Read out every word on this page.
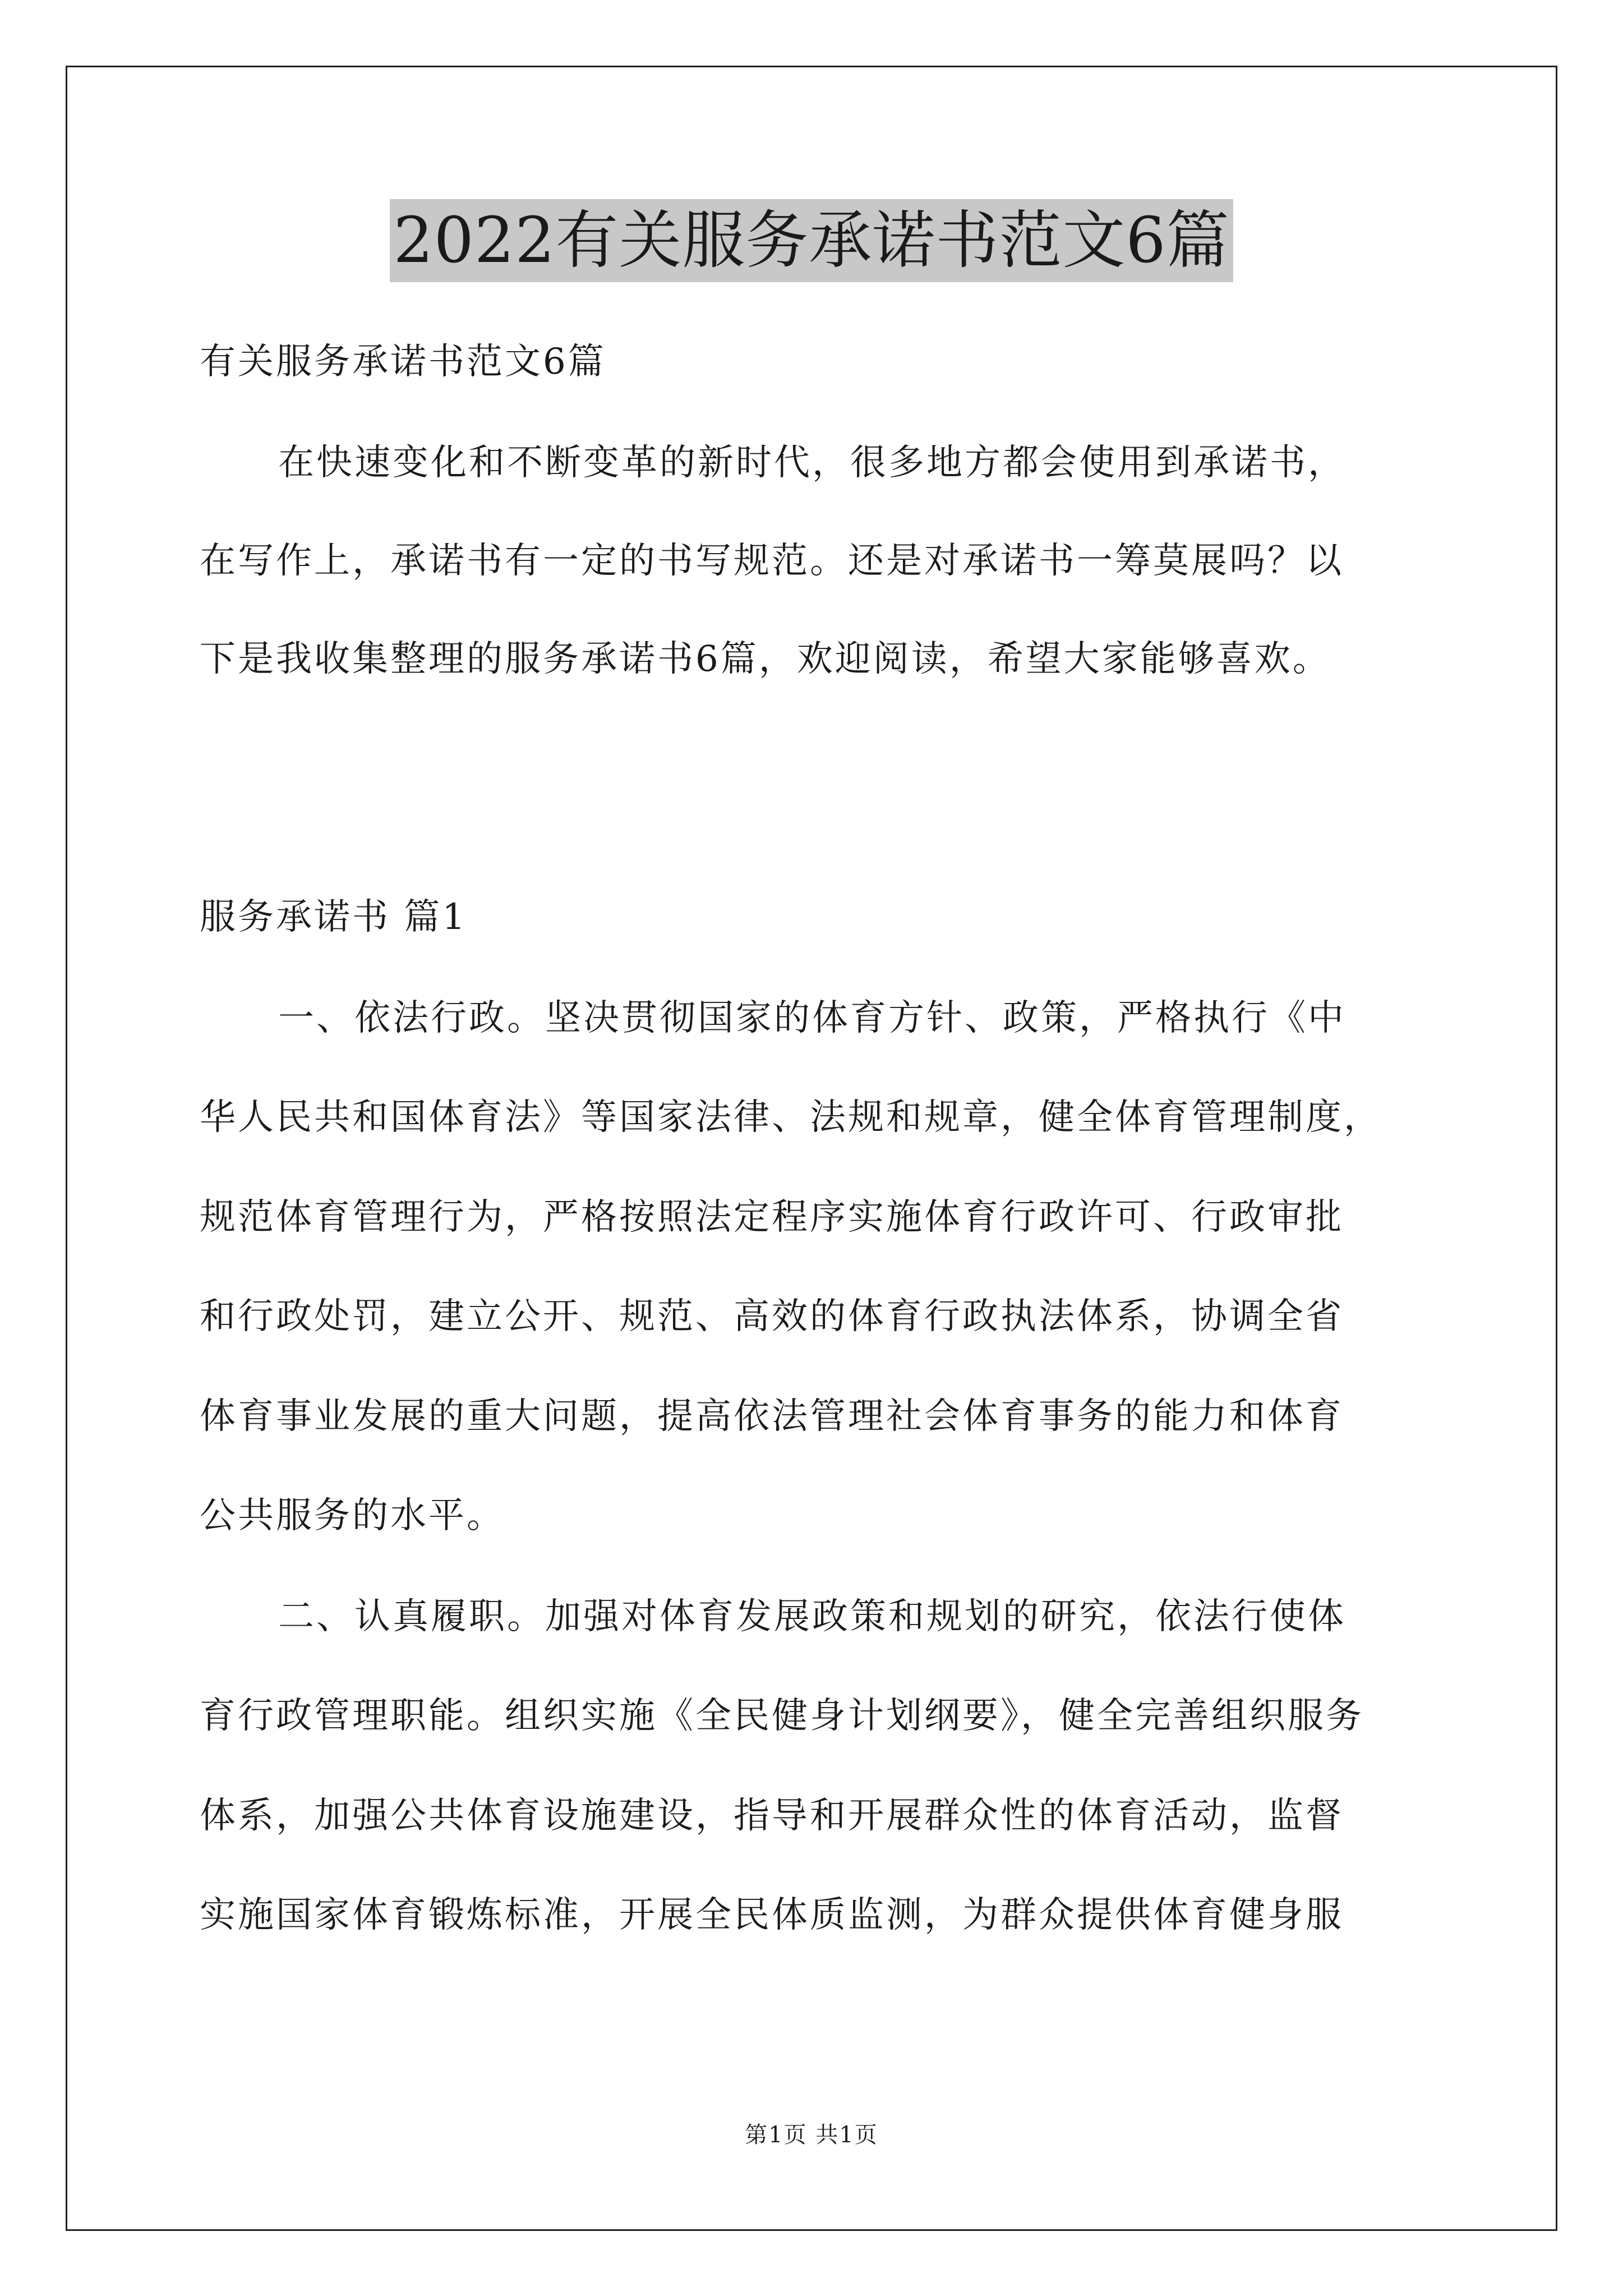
2022有关服务承诺书范文6篇
有关服务承诺书范文6篇
在快速变化和不断变革的新时代，很多地方都会使用到承诺书，
在写作上，承诺书有一定的书写规范。还是对承诺书一筹莫展吗？以
下是我收集整理的服务承诺书6篇，欢迎阅读，希望大家能够喜欢。
服务承诺书 篇1
一、依法行政。坚决贯彻国家的体育方针、政策，严格执行《中
华人民共和国体育法》等国家法律、法规和规章，健全体育管理制度，
规范体育管理行为，严格按照法定程序实施体育行政许可、行政审批
和行政处罚，建立公开、规范、高效的体育行政执法体系，协调全省
体育事业发展的重大问题，提高依法管理社会体育事务的能力和体育
公共服务的水平。
二、认真履职。加强对体育发展政策和规划的研究，依法行使体
育行政管理职能。组织实施《全民健身计划纲要》，健全完善组织服务
体系，加强公共体育设施建设，指导和开展群众性的体育活动，监督
实施国家体育锻炼标准，开展全民体质监测，为群众提供体育健身服
第1页 共1页
